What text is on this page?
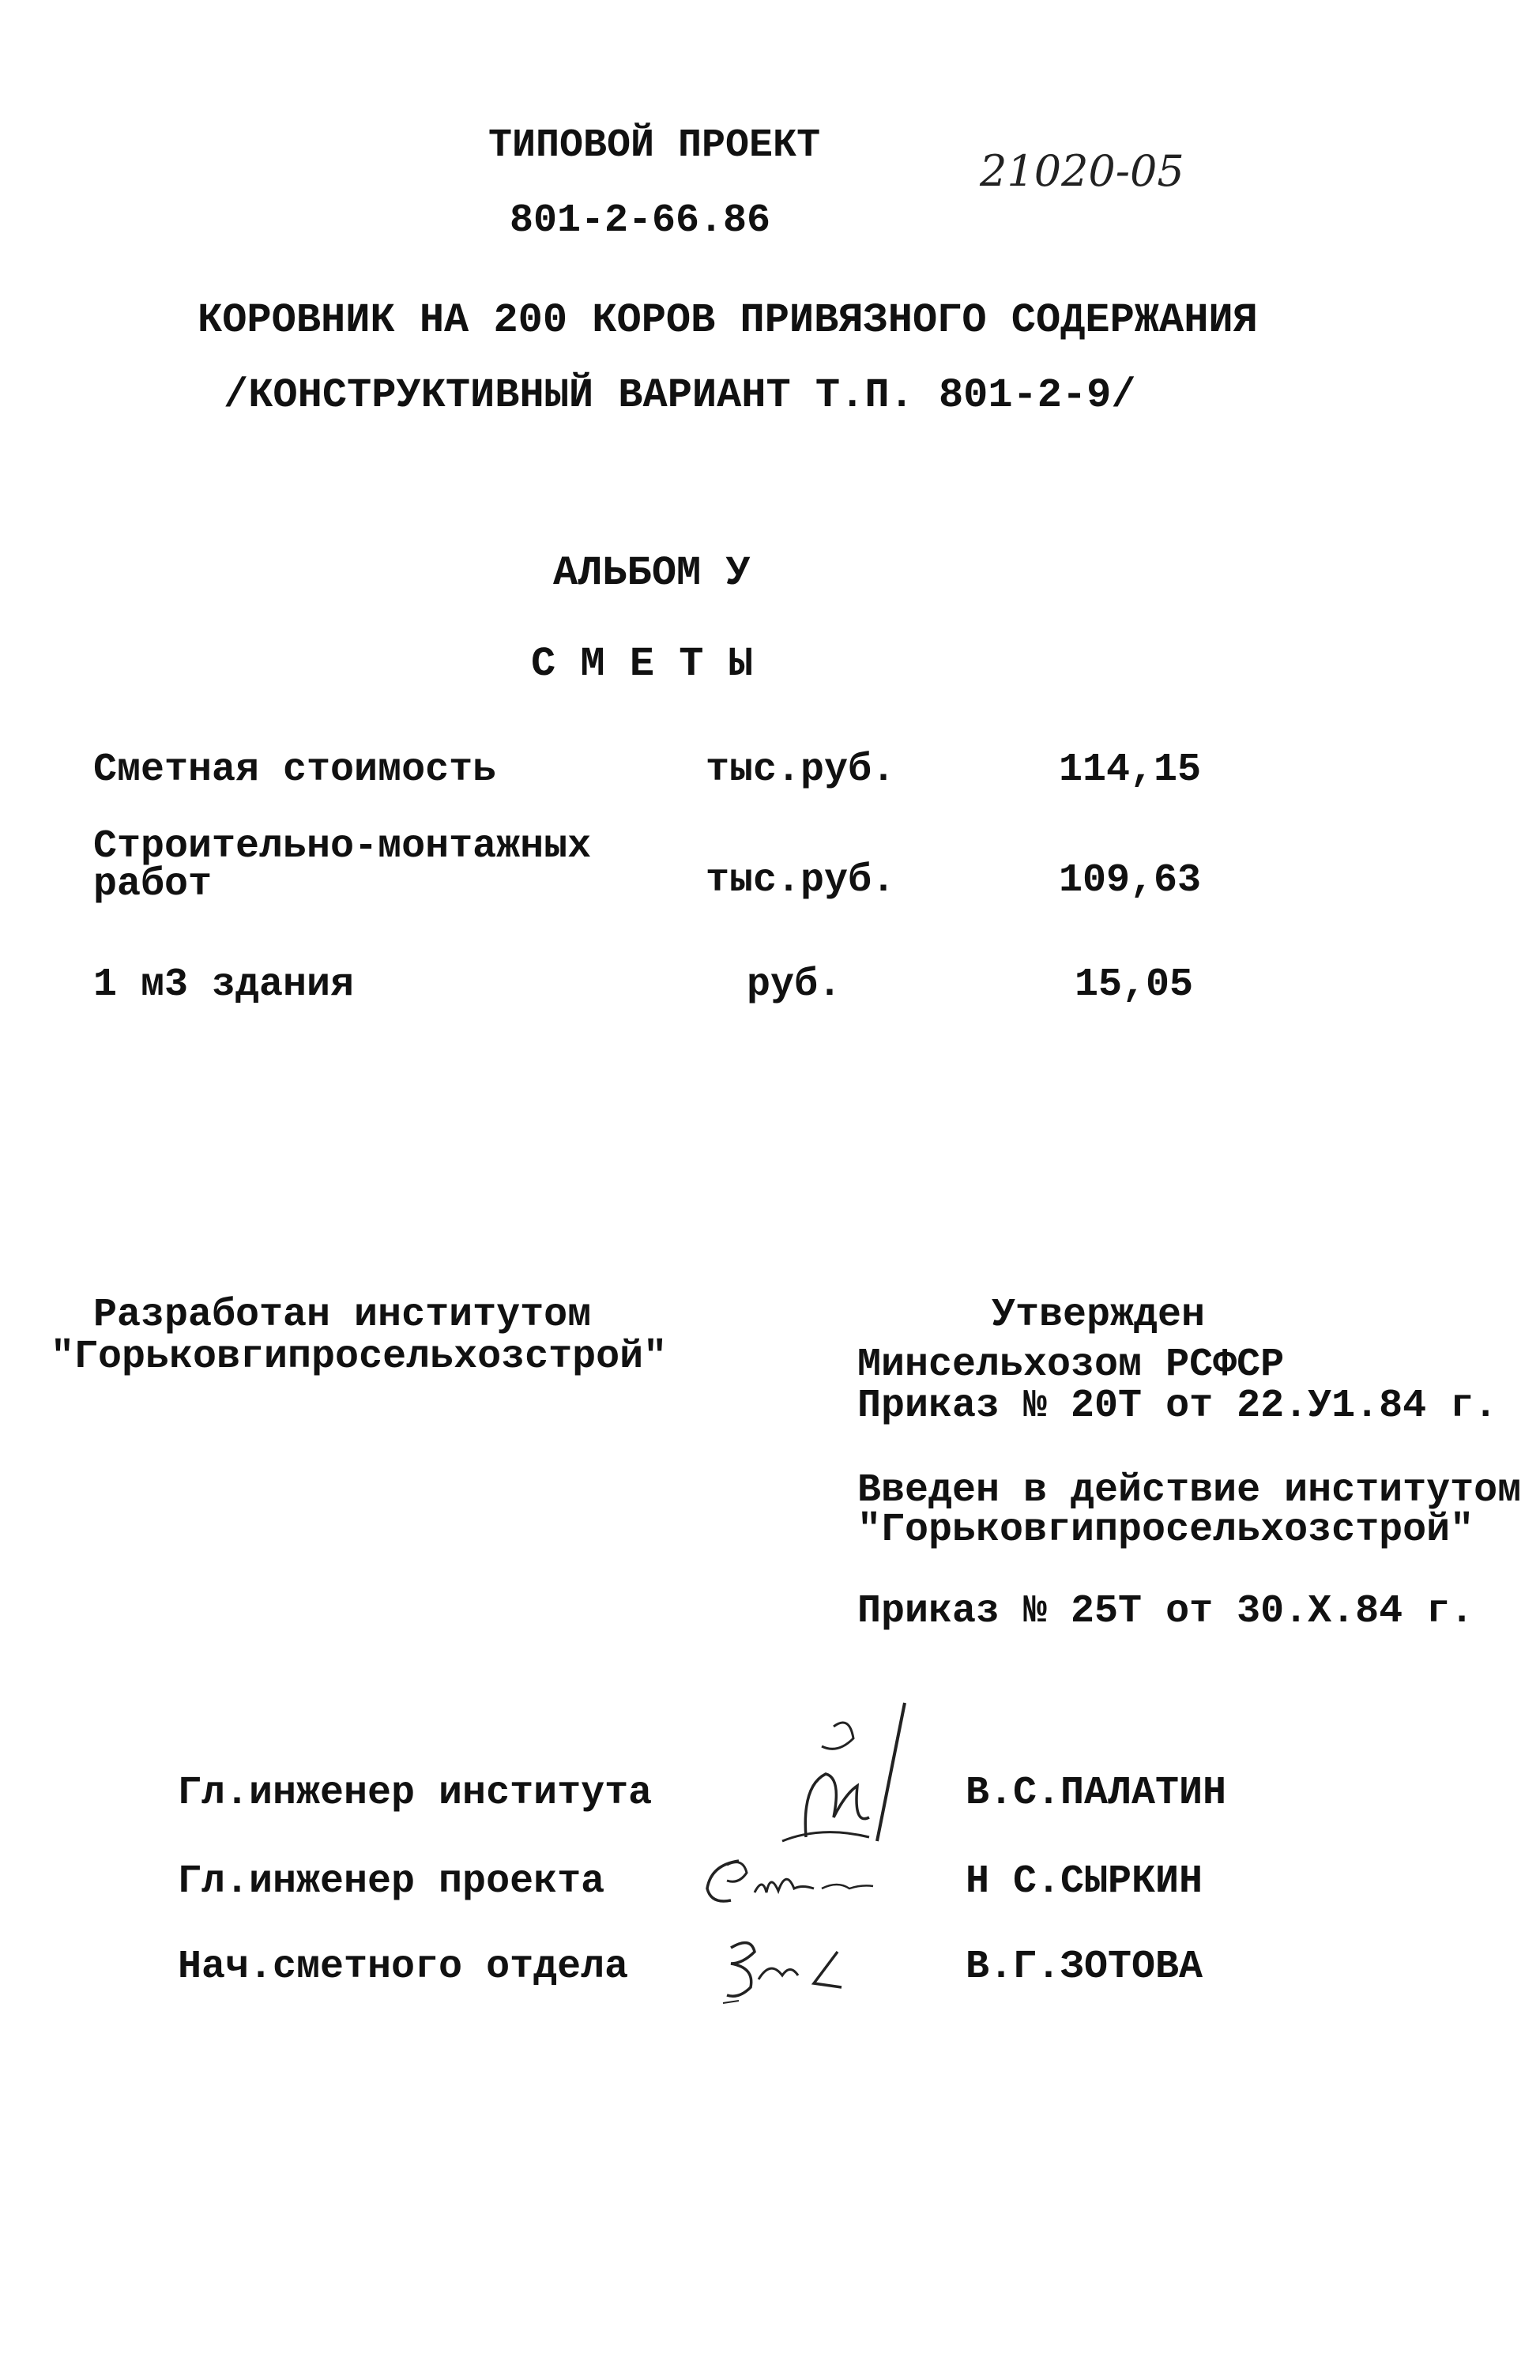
ТИПОВОЙ ПРОЕКТ
801-2-66.86
21020-05
КОРОВНИК НА 200 КОРОВ ПРИВЯЗНОГО СОДЕРЖАНИЯ
/КОНСТРУКТИВНЫЙ ВАРИАНТ Т.П. 801-2-9/
АЛЬБОМ У
С М Е Т Ы
Сметная стоимость	тыс.руб.	114,15
Строительно-монтажных
работ	тыс.руб.	109,63
1 м3 здания	руб.	15,05
Разработан институтом
"Горьковгипросельхозстрой"
Утвержден
Минсельхозом РСФСР
Приказ № 20Т от 22.У1.84 г.
Введен в действие институтом
"Горьковгипросельхозстрой"
Приказ № 25Т от 30.Х.84 г.
Гл.инженер института	В.С.ПАЛАТИН
Гл.инженер проекта	Н С.СЫРКИН
Нач.сметного отдела	В.Г.ЗОТОВА
